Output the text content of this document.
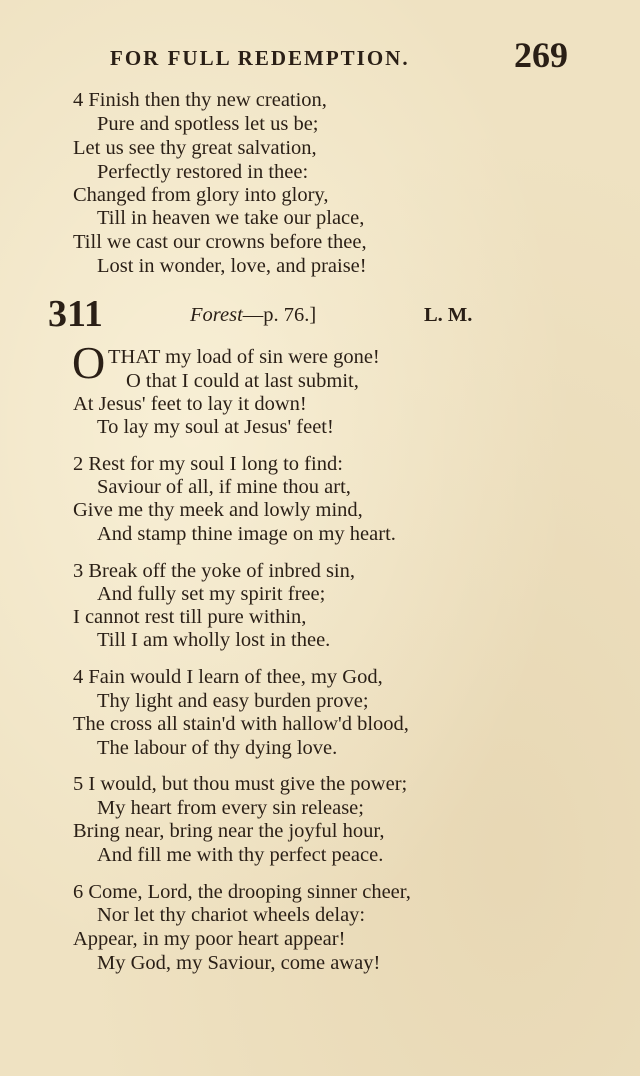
FOR FULL REDEMPTION.	269
4 Finish then thy new creation,
Pure and spotless let us be;
Let us see thy great salvation,
Perfectly restored in thee:
Changed from glory into glory,
Till in heaven we take our place,
Till we cast our crowns before thee,
Lost in wonder, love, and praise!
311	Forest—p. 76.]	L. M.
O THAT my load of sin were gone!
O that I could at last submit,
At Jesus' feet to lay it down!
To lay my soul at Jesus' feet!
2 Rest for my soul I long to find:
Saviour of all, if mine thou art,
Give me thy meek and lowly mind,
And stamp thine image on my heart.
3 Break off the yoke of inbred sin,
And fully set my spirit free;
I cannot rest till pure within,
Till I am wholly lost in thee.
4 Fain would I learn of thee, my God,
Thy light and easy burden prove;
The cross all stain'd with hallow'd blood,
The labour of thy dying love.
5 I would, but thou must give the power;
My heart from every sin release;
Bring near, bring near the joyful hour,
And fill me with thy perfect peace.
6 Come, Lord, the drooping sinner cheer,
Nor let thy chariot wheels delay:
Appear, in my poor heart appear!
My God, my Saviour, come away!
